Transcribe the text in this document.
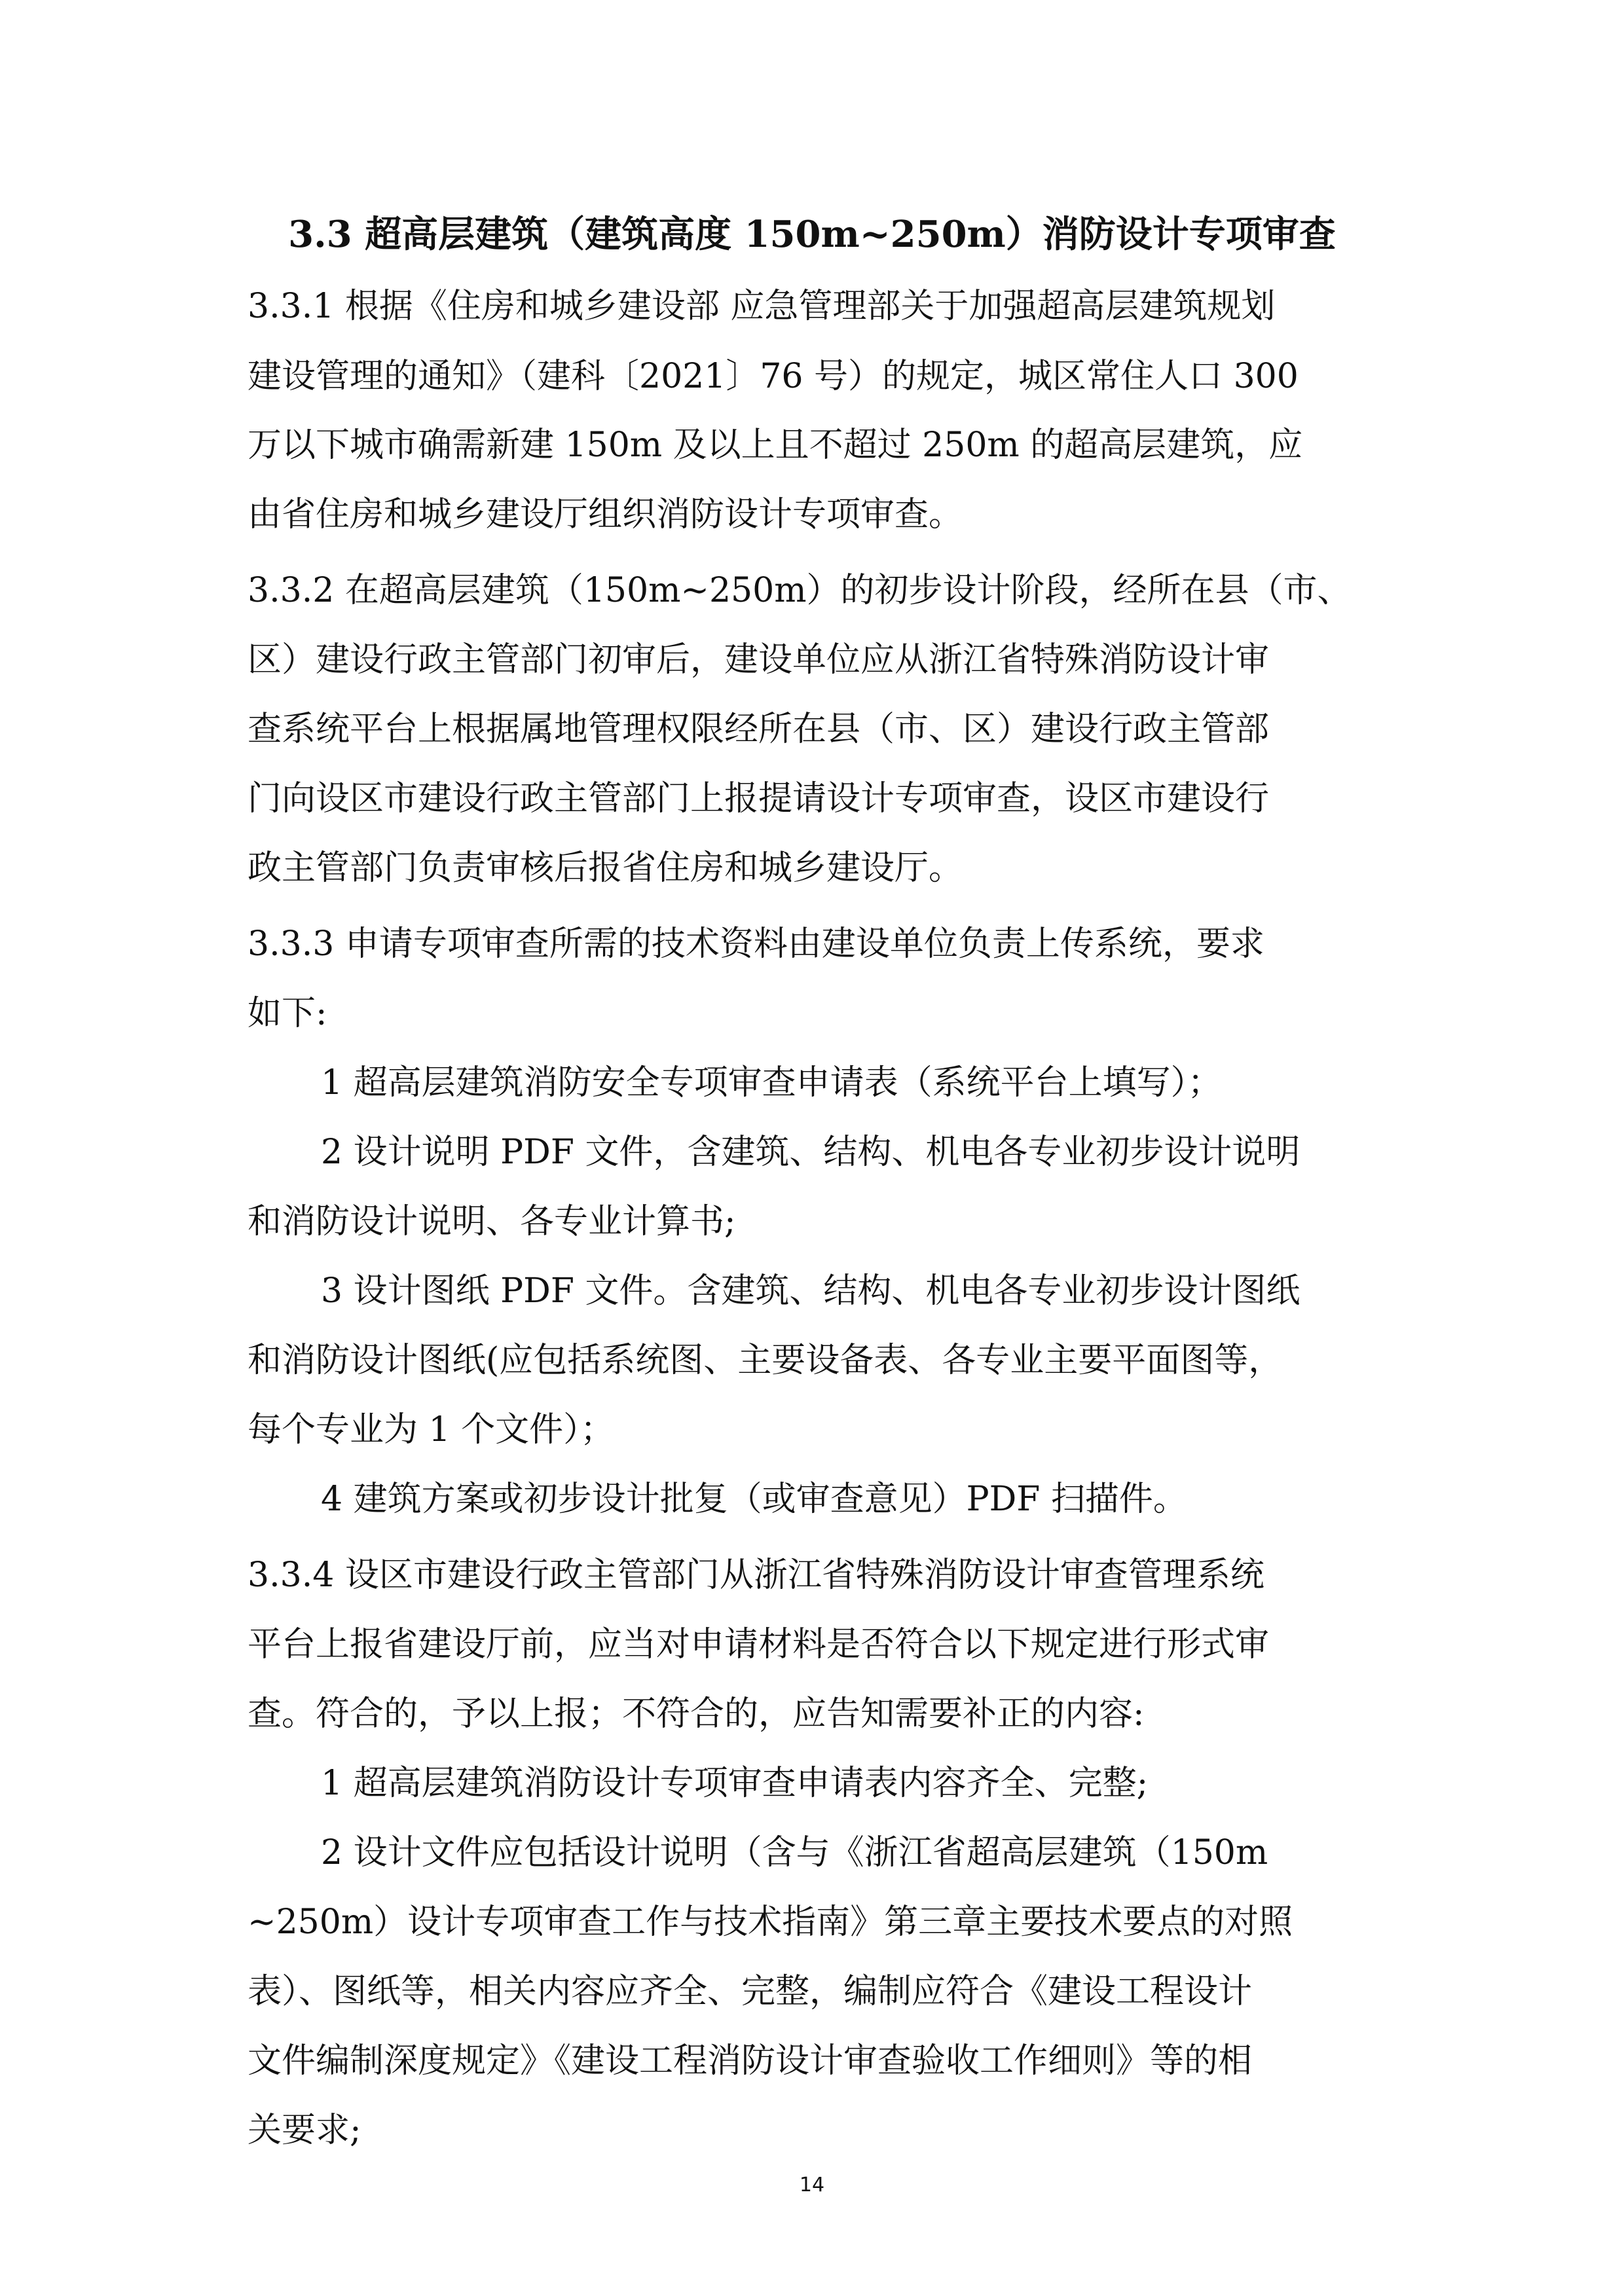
3.3 超高层建筑（建筑高度 150m~250m）消防设计专项审查

3.3.1 根据《住房和城乡建设部 应急管理部关于加强超高层建筑规划

建设管理的通知》（建科〔2021〕76 号）的规定，城区常住人口 300

万以下城市确需新建 150m 及以上且不超过 250m 的超高层建筑，应

由省住房和城乡建设厅组织消防设计专项审查。

3.3.2 在超高层建筑（150m~250m）的初步设计阶段，经所在县（市、

区）建设行政主管部门初审后，建设单位应从浙江省特殊消防设计审

查系统平台上根据属地管理权限经所在县（市、区）建设行政主管部

门向设区市建设行政主管部门上报提请设计专项审查，设区市建设行

政主管部门负责审核后报省住房和城乡建设厅。

3.3.3 申请专项审查所需的技术资料由建设单位负责上传系统，要求

如下:

1 超高层建筑消防安全专项审查申请表（系统平台上填写）；

2 设计说明 PDF 文件，含建筑、结构、机电各专业初步设计说明

和消防设计说明、各专业计算书;

3 设计图纸 PDF 文件。含建筑、结构、机电各专业初步设计图纸

和消防设计图纸(应包括系统图、主要设备表、各专业主要平面图等，

每个专业为 1 个文件）；

4 建筑方案或初步设计批复（或审查意见）PDF 扫描件。

3.3.4 设区市建设行政主管部门从浙江省特殊消防设计审查管理系统

平台上报省建设厅前，应当对申请材料是否符合以下规定进行形式审

查。符合的，予以上报；不符合的，应告知需要补正的内容:

1 超高层建筑消防设计专项审查申请表内容齐全、完整;

2 设计文件应包括设计说明（含与《浙江省超高层建筑（150m

~250m）设计专项审查工作与技术指南》第三章主要技术要点的对照

表）、图纸等，相关内容应齐全、完整，编制应符合《建设工程设计

文件编制深度规定》《建设工程消防设计审查验收工作细则》等的相

关要求;

14
